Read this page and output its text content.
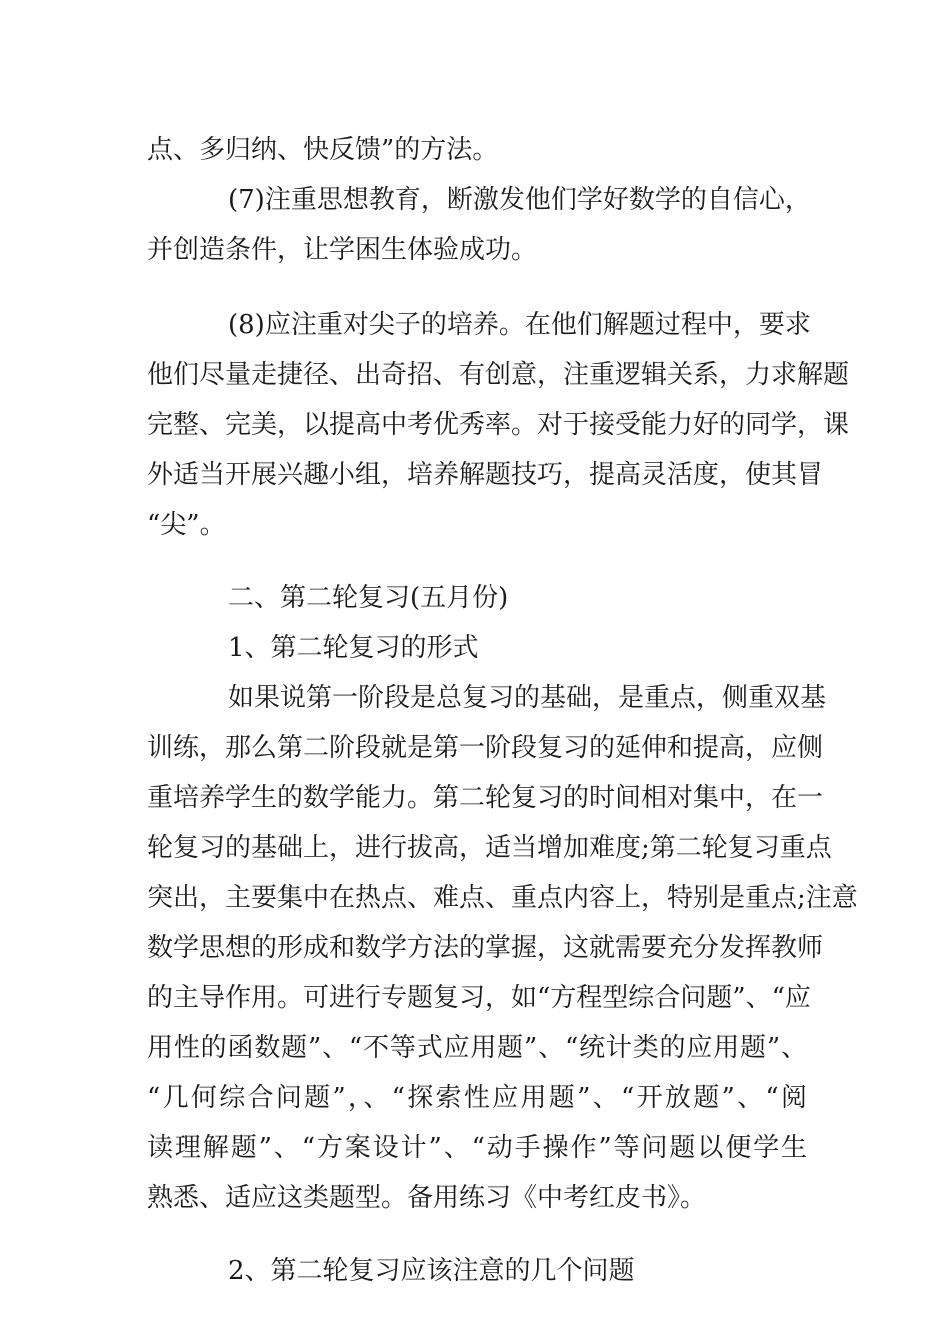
点、多归纳、快反馈”的方法。
(7)注重思想教育，断激发他们学好数学的自信心，
并创造条件，让学困生体验成功。
(8)应注重对尖子的培养。在他们解题过程中，要求
他们尽量走捷径、出奇招、有创意，注重逻辑关系，力求解题
完整、完美，以提高中考优秀率。对于接受能力好的同学，课
外适当开展兴趣小组，培养解题技巧，提高灵活度，使其冒
“尖”。
二、第二轮复习(五月份)
1、第二轮复习的形式
如果说第一阶段是总复习的基础，是重点，侧重双基
训练，那么第二阶段就是第一阶段复习的延伸和提高，应侧
重培养学生的数学能力。第二轮复习的时间相对集中，在一
轮复习的基础上，进行拔高，适当增加难度;第二轮复习重点
突出，主要集中在热点、难点、重点内容上，特别是重点;注意
数学思想的形成和数学方法的掌握，这就需要充分发挥教师
的主导作用。可进行专题复习，如“方程型综合问题”、“应
用性的函数题”、“不等式应用题”、“统计类的应用题”、
“几何综合问题”，、“探索性应用题”、“开放题”、“阅
读理解题”、“方案设计”、“动手操作”等问题以便学生
熟悉、适应这类题型。备用练习《中考红皮书》。
2、第二轮复习应该注意的几个问题
